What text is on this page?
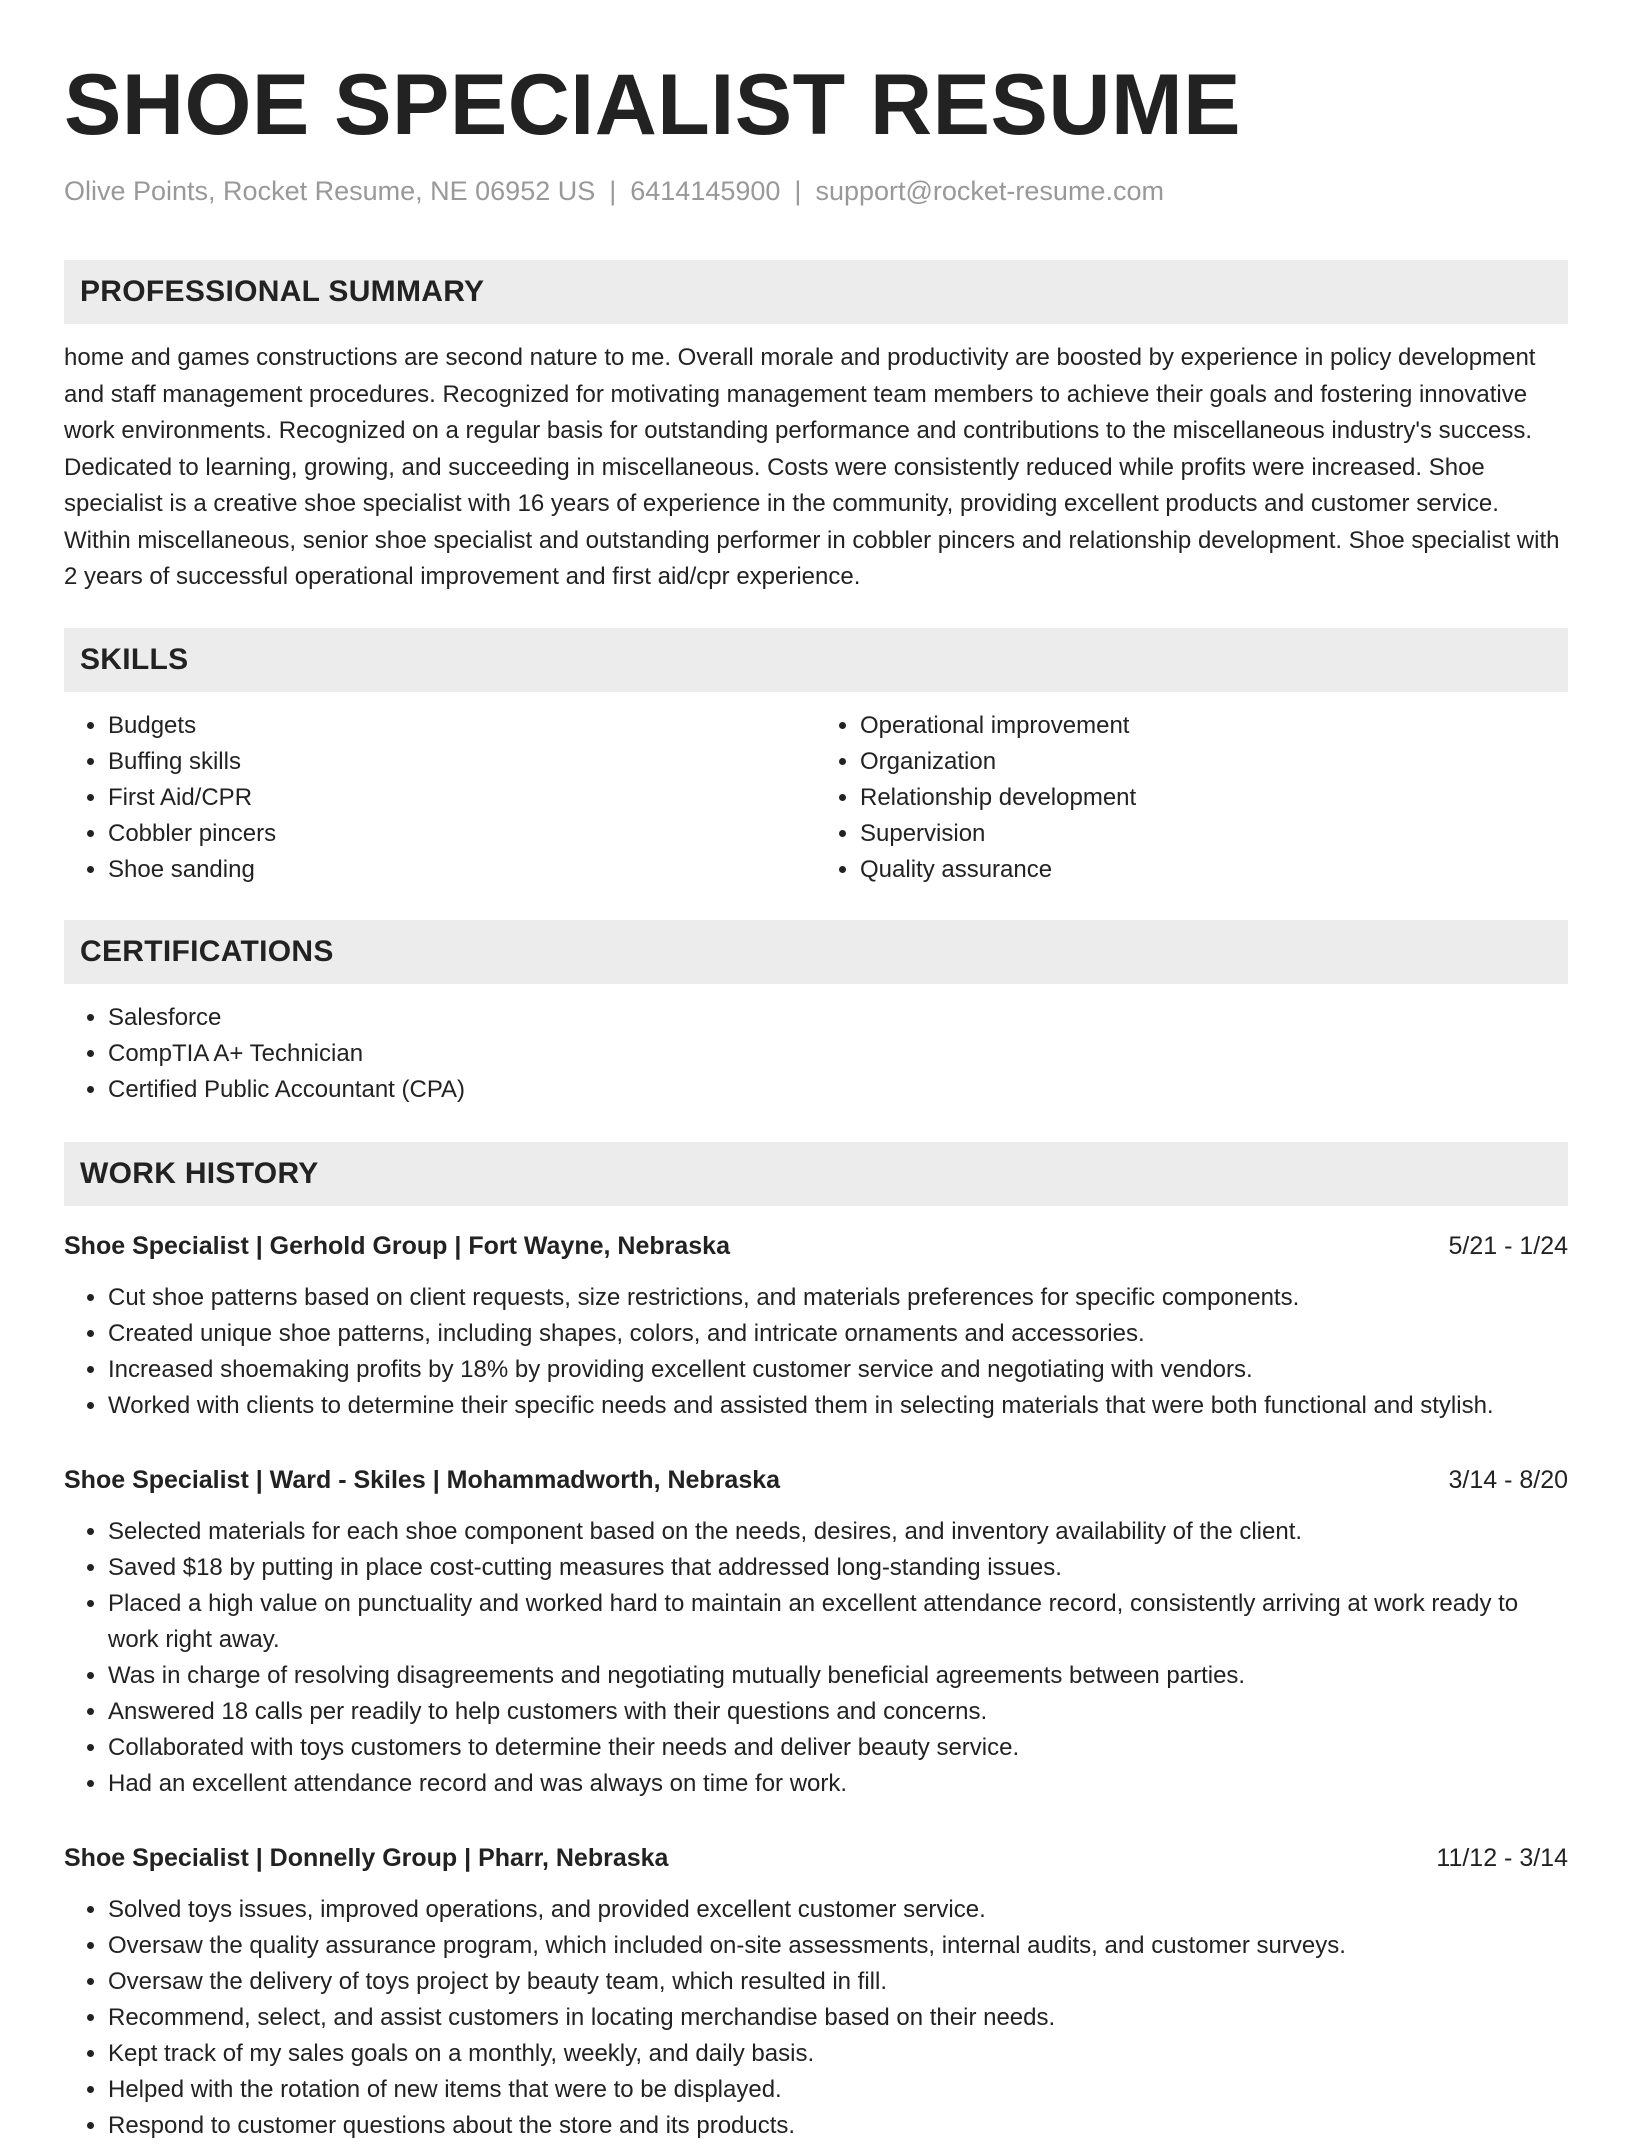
SHOE SPECIALIST RESUME
Olive Points, Rocket Resume, NE 06952 US | 6414145900 | support@rocket-resume.com
PROFESSIONAL SUMMARY

home and games constructions are second nature to me. Overall morale and productivity are boosted by experience in policy development and staff management procedures. Recognized for motivating management team members to achieve their goals and fostering innovative work environments. Recognized on a regular basis for outstanding performance and contributions to the miscellaneous industry's success. Dedicated to learning, growing, and succeeding in miscellaneous. Costs were consistently reduced while profits were increased. Shoe specialist is a creative shoe specialist with 16 years of experience in the community, providing excellent products and customer service. Within miscellaneous, senior shoe specialist and outstanding performer in cobbler pincers and relationship development. Shoe specialist with 2 years of successful operational improvement and first aid/cpr experience.

SKILLS
• Budgets
• Buffing skills
• First Aid/CPR
• Cobbler pincers
• Shoe sanding
• Operational improvement
• Organization
• Relationship development
• Supervision
• Quality assurance
CERTIFICATIONS
• Salesforce
• CompTIA A+ Technician
• Certified Public Accountant (CPA)
WORK HISTORY
Shoe Specialist | Gerhold Group | Fort Wayne, Nebraska	5/21 - 1/24
• Cut shoe patterns based on client requests, size restrictions, and materials preferences for specific components.
• Created unique shoe patterns, including shapes, colors, and intricate ornaments and accessories.
• Increased shoemaking profits by 18% by providing excellent customer service and negotiating with vendors.
• Worked with clients to determine their specific needs and assisted them in selecting materials that were both functional and stylish.
Shoe Specialist | Ward - Skiles | Mohammadworth, Nebraska	3/14 - 8/20
• Selected materials for each shoe component based on the needs, desires, and inventory availability of the client.
• Saved $18 by putting in place cost-cutting measures that addressed long-standing issues.
• Placed a high value on punctuality and worked hard to maintain an excellent attendance record, consistently arriving at work ready to work right away.
• Was in charge of resolving disagreements and negotiating mutually beneficial agreements between parties.
• Answered 18 calls per readily to help customers with their questions and concerns.
• Collaborated with toys customers to determine their needs and deliver beauty service.
• Had an excellent attendance record and was always on time for work.
Shoe Specialist | Donnelly Group | Pharr, Nebraska	11/12 - 3/14
• Solved toys issues, improved operations, and provided excellent customer service.
• Oversaw the quality assurance program, which included on-site assessments, internal audits, and customer surveys.
• Oversaw the delivery of toys project by beauty team, which resulted in fill.
• Recommend, select, and assist customers in locating merchandise based on their needs.
• Kept track of my sales goals on a monthly, weekly, and daily basis.
• Helped with the rotation of new items that were to be displayed.
• Respond to customer questions about the store and its products.
